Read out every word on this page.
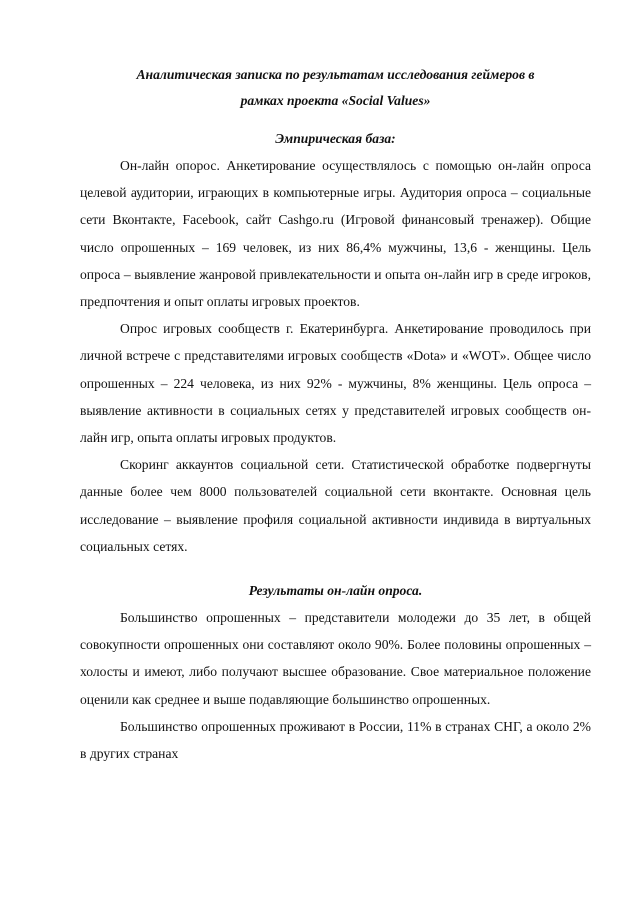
Аналитическая записка по результатам исследования геймеров в
рамках проекта «Social Values»
Эмпирическая база:

Он-лайн опорос. Анкетирование осуществлялось с помощью он-лайн опроса целевой аудитории, играющих в компьютерные игры. Аудитория опроса – социальные сети Вконтакте, Facebook, сайт Cashgo.ru (Игровой финансовый тренажер). Общие число опрошенных – 169 человек, из них 86,4% мужчины, 13,6 - женщины. Цель опроса – выявление жанровой привлекательности и опыта он-лайн игр в среде игроков, предпочтения и опыт оплаты игровых проектов.

Опрос игровых сообществ г. Екатеринбурга. Анкетирование проводилось при личной встрече с представителями игровых сообществ «Dota» и «WOT». Общее число опрошенных – 224 человека, из них 92% - мужчины, 8% женщины. Цель опроса – выявление активности в социальных сетях у представителей игровых сообществ он-лайн игр, опыта оплаты игровых продуктов.

Скоринг аккаунтов социальной сети. Статистической обработке подвергнуты данные более чем 8000 пользователей социальной сети вконтакте. Основная цель исследование – выявление профиля социальной активности индивида в виртуальных социальных сетях.

Результаты он-лайн опроса.

Большинство опрошенных – представители молодежи до 35 лет, в общей совокупности опрошенных они составляют около 90%. Более половины опрошенных – холосты и имеют, либо получают высшее образование. Свое материальное положение оценили как среднее и выше подавляющие большинство опрошенных.

Большинство опрошенных проживают в России, 11% в странах СНГ, а около 2% в других странах
